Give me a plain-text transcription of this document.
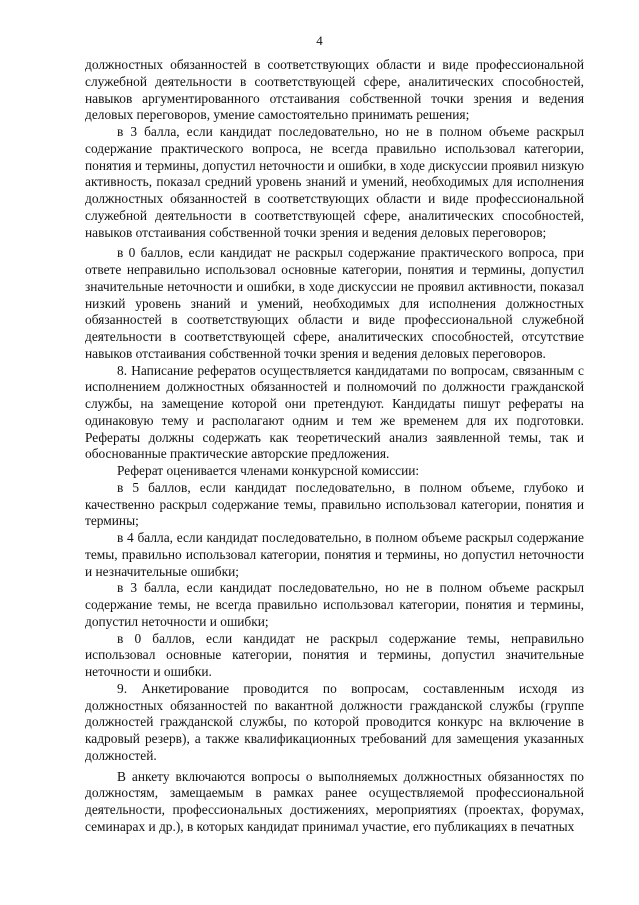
4

должностных обязанностей в соответствующих области и виде профессиональной служебной деятельности в соответствующей сфере, аналитических способностей, навыков аргументированного отстаивания собственной точки зрения и ведения деловых переговоров, умение самостоятельно принимать решения;

в 3 балла, если кандидат последовательно, но не в полном объеме раскрыл содержание практического вопроса, не всегда правильно использовал категории, понятия и термины, допустил неточности и ошибки, в ходе дискуссии проявил низкую активность, показал средний уровень знаний и умений, необходимых для исполнения должностных обязанностей в соответствующих области и виде профессиональной служебной деятельности в соответствующей сфере, аналитических способностей, навыков отстаивания собственной точки зрения и ведения деловых переговоров;

в 0 баллов, если кандидат не раскрыл содержание практического вопроса, при ответе неправильно использовал основные категории, понятия и термины, допустил значительные неточности и ошибки, в ходе дискуссии не проявил активности, показал низкий уровень знаний и умений, необходимых для исполнения должностных обязанностей в соответствующих области и виде профессиональной служебной деятельности в соответствующей сфере, аналитических способностей, отсутствие навыков отстаивания собственной точки зрения и ведения деловых переговоров.

8. Написание рефератов осуществляется кандидатами по вопросам, связанным с исполнением должностных обязанностей и полномочий по должности гражданской службы, на замещение которой они претендуют. Кандидаты пишут рефераты на одинаковую тему и располагают одним и тем же временем для их подготовки. Рефераты должны содержать как теоретический анализ заявленной темы, так и обоснованные практические авторские предложения.

Реферат оценивается членами конкурсной комиссии:

в 5 баллов, если кандидат последовательно, в полном объеме, глубоко и качественно раскрыл содержание темы, правильно использовал категории, понятия и термины;

в 4 балла, если кандидат последовательно, в полном объеме раскрыл содержание темы, правильно использовал категории, понятия и термины, но допустил неточности и незначительные ошибки;

в 3 балла, если кандидат последовательно, но не в полном объеме раскрыл содержание темы, не всегда правильно использовал категории, понятия и термины, допустил неточности и ошибки;

в 0 баллов, если кандидат не раскрыл содержание темы, неправильно использовал основные категории, понятия и термины, допустил значительные неточности и ошибки.

9. Анкетирование проводится по вопросам, составленным исходя из должностных обязанностей по вакантной должности гражданской службы (группе должностей гражданской службы, по которой проводится конкурс на включение в кадровый резерв), а также квалификационных требований для замещения указанных должностей.

В анкету включаются вопросы о выполняемых должностных обязанностях по должностям, замещаемым в рамках ранее осуществляемой профессиональной деятельности, профессиональных достижениях, мероприятиях (проектах, форумах, семинарах и др.), в которых кандидат принимал участие, его публикациях в печатных
